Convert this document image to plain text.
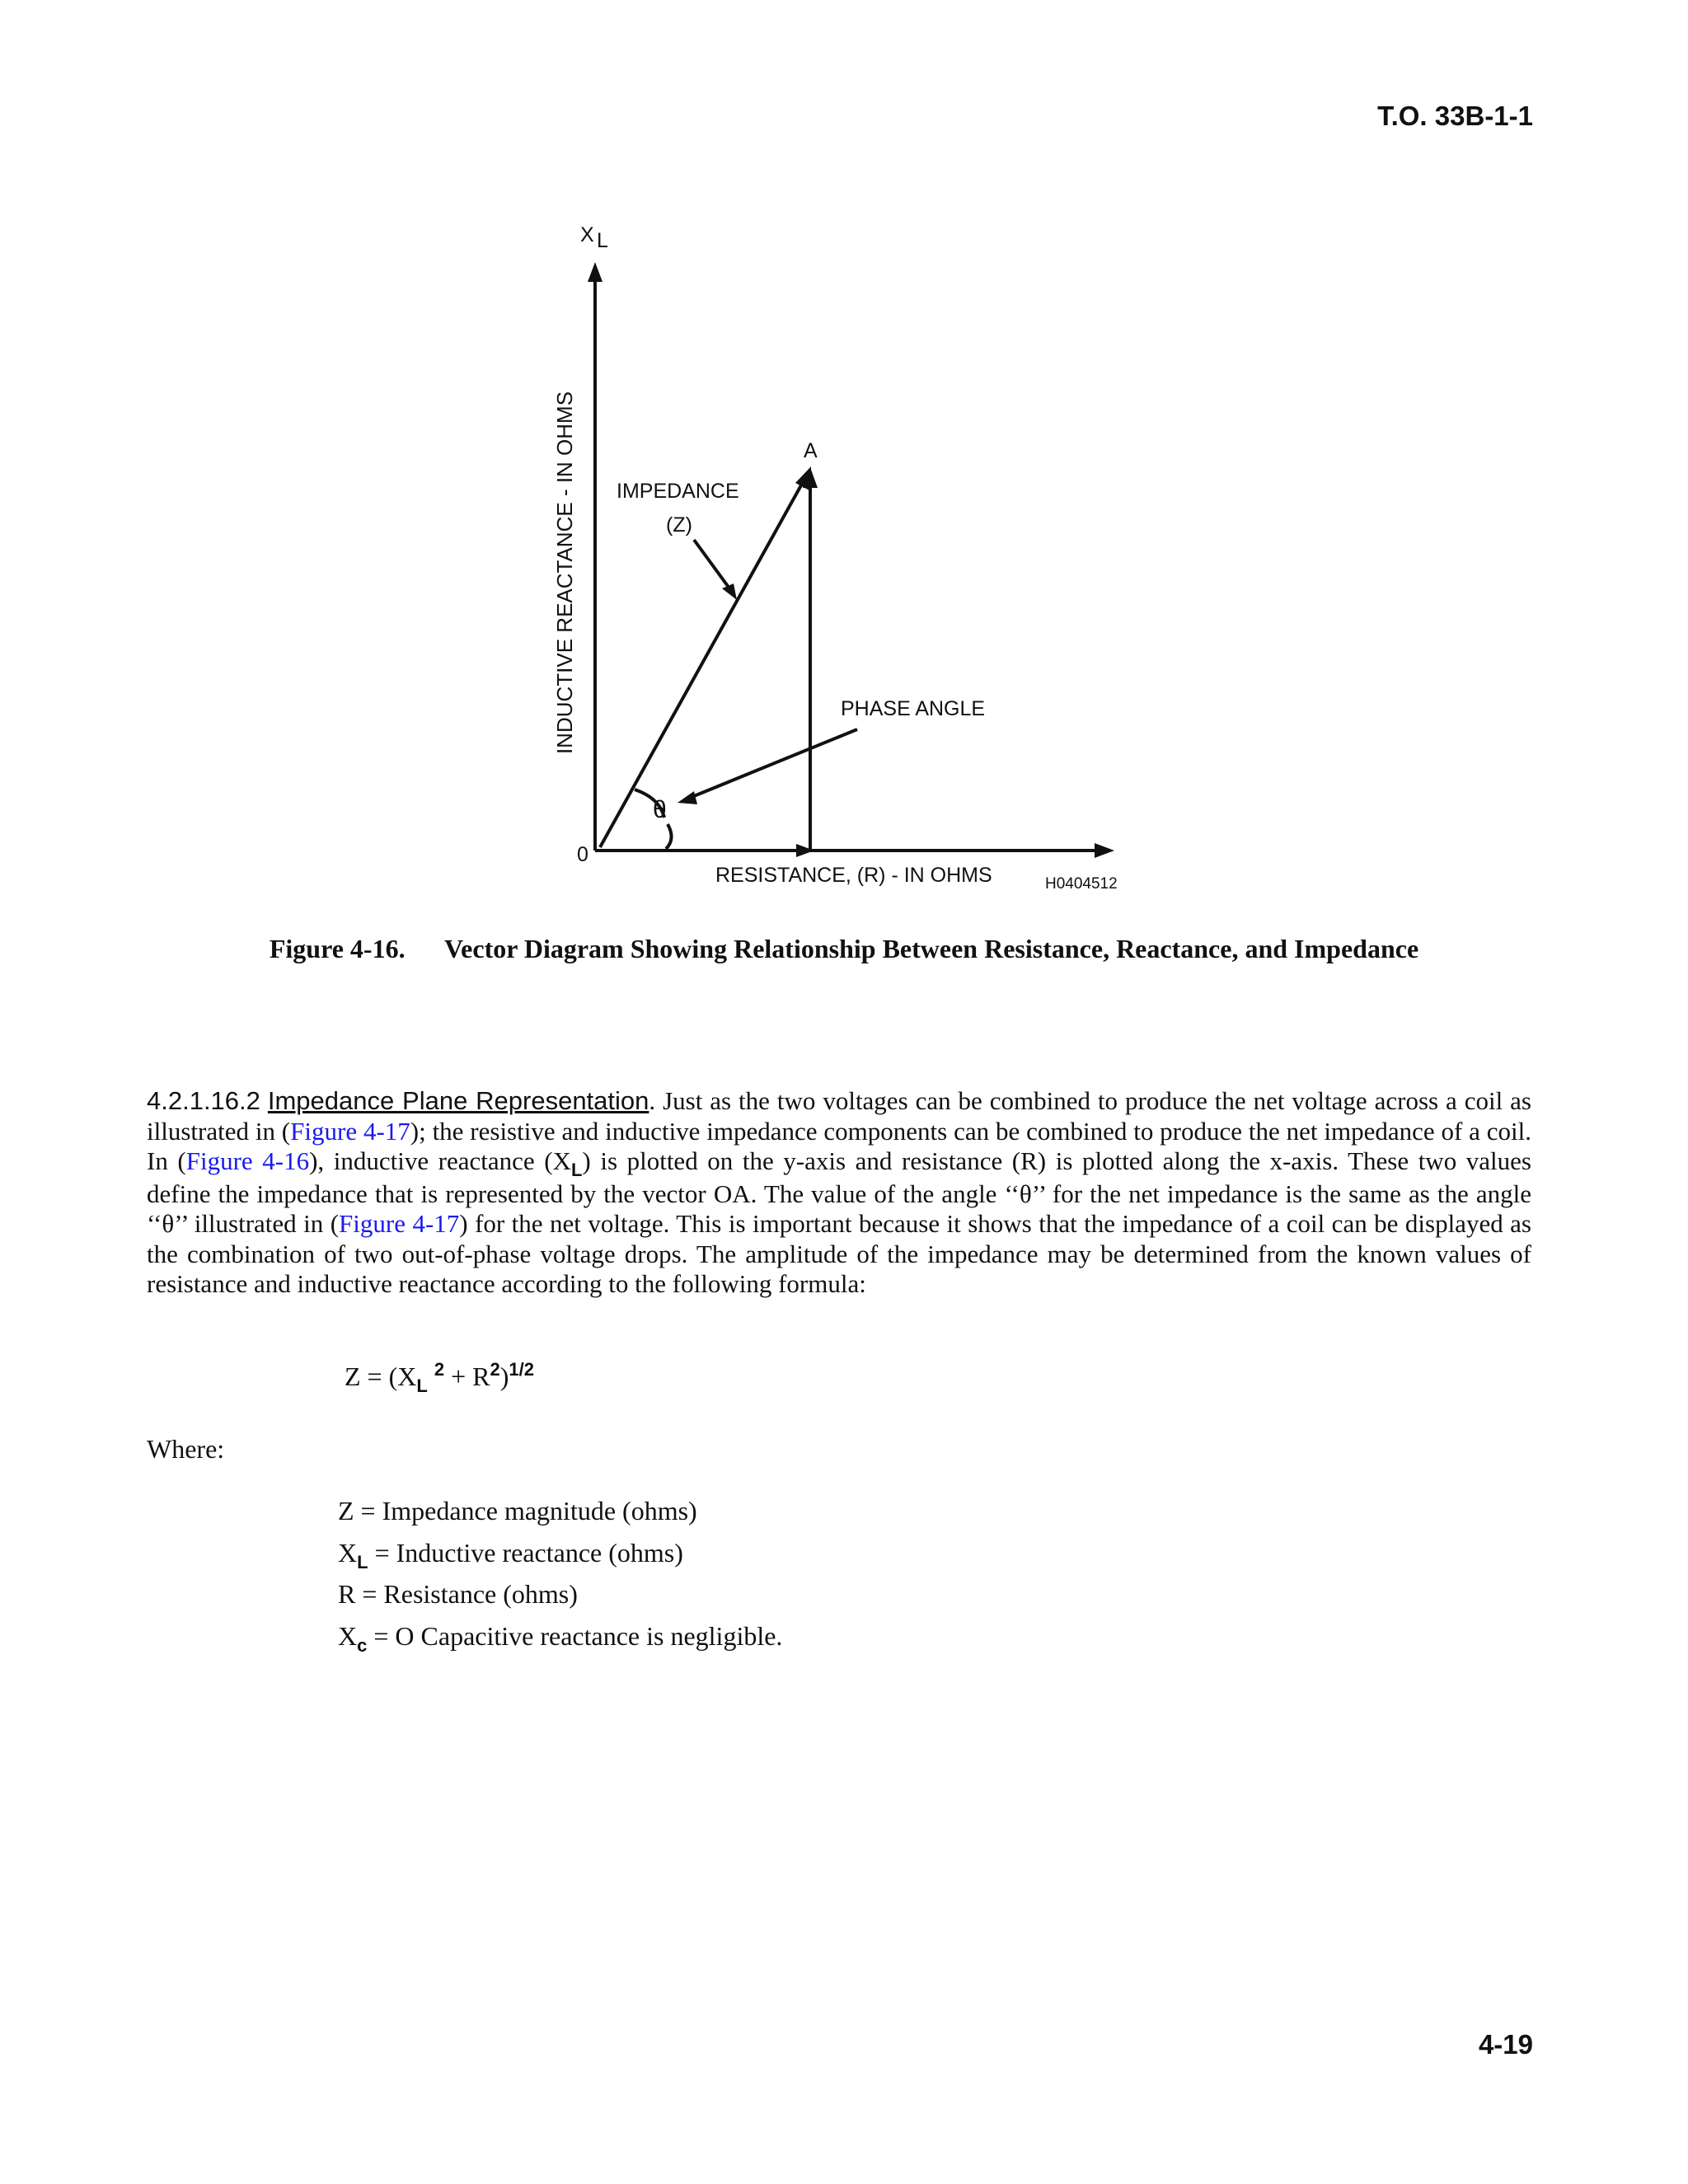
T.O. 33B-1-1
X L
INDUCTIVE REACTANCE - IN OHMS
0
A
IMPEDANCE
(Z)
PHASE ANGLE
θ
RESISTANCE, (R) - IN OHMS	H0404512
Figure 4-16. Vector Diagram Showing Relationship Between Resistance, Reactance, and Impedance
4.2.1.16.2 Impedance Plane Representation. Just as the two voltages can be combined to produce the net voltage across a coil as illustrated in (Figure 4-17); the resistive and inductive impedance components can be combined to produce the net impedance of a coil. In (Figure 4-16), inductive reactance $(X_L)$ is plotted on the y-axis and resistance (R) is plotted along the x-axis. These two values define the impedance that is represented by the vector OA. The value of the angle ‘‘θ’’ for the net impedance is the same as the angle ‘‘θ’’ illustrated in (Figure 4-17) for the net voltage. This is important because it shows that the impedance of a coil can be displayed as the combination of two out-of-phase voltage drops. The amplitude of the impedance may be determined from the known values of resistance and inductive reactance according to the following formula:
$Z = (X_L$ $^2 + R^2)^{1/2}$
Where:
Z = Impedance magnitude (ohms)
$X_L$ = Inductive reactance (ohms)
R = Resistance (ohms)
$X_c = O$ Capacitive reactance is negligible.
4-19
